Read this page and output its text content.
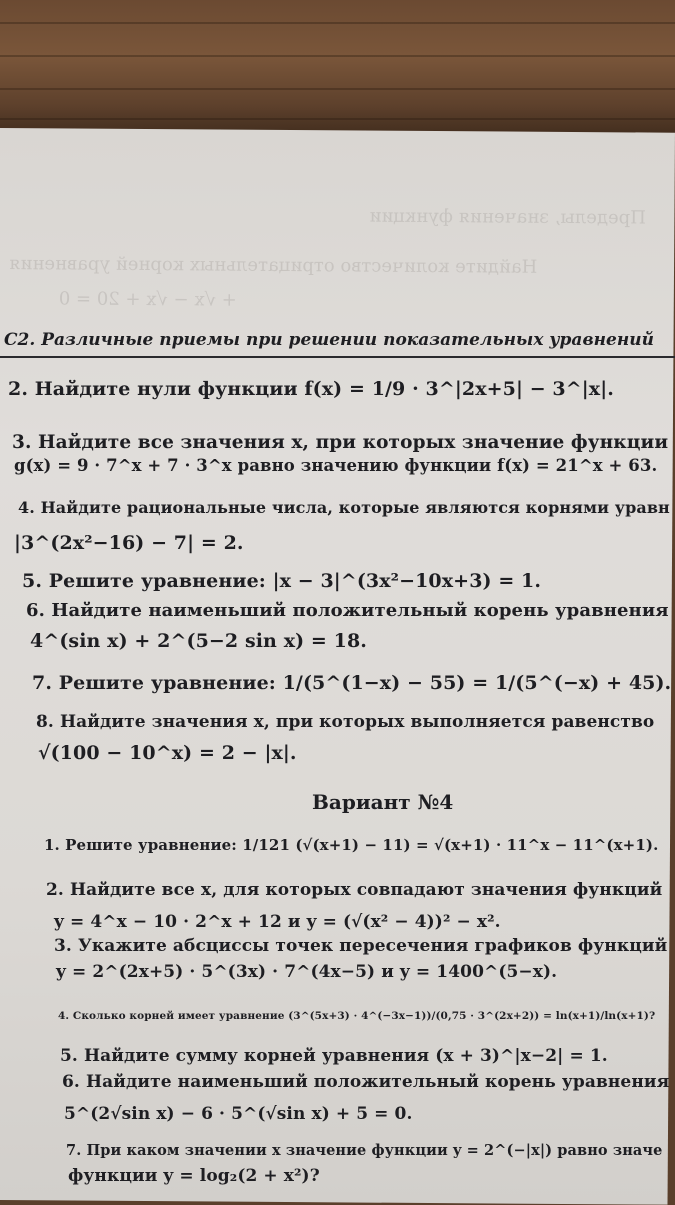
Пределы, значения функции
Найдите количество отрицательных корней уравнения
+ √x − √x + 20 = 0
С2. Различные приемы при решении показательных уравнений
2. Найдите нули функции f(x) = 1/9 · 3^|2x+5| − 3^|x|.
3. Найдите все значения x, при которых значение функции
g(x) = 9 · 7^x + 7 · 3^x равно значению функции f(x) = 21^x + 63.
4. Найдите рациональные числа, которые являются корнями уравн
|3^(2x²−16) − 7| = 2.
5. Решите уравнение: |x − 3|^(3x²−10x+3) = 1.
6. Найдите наименьший положительный корень уравнения
4^(sin x) + 2^(5−2 sin x) = 18.
7. Решите уравнение: 1/(5^(1−x) − 55) = 1/(5^(−x) + 45).
8. Найдите значения x, при которых выполняется равенство
√(100 − 10^x) = 2 − |x|.
Вариант №4
1. Решите уравнение: 1/121 (√(x+1) − 11) = √(x+1) · 11^x − 11^(x+1).
2. Найдите все x, для которых совпадают значения функций
y = 4^x − 10 · 2^x + 12 и y = (√(x² − 4))² − x².
3. Укажите абсциссы точек пересечения графиков функций
y = 2^(2x+5) · 5^(3x) · 7^(4x−5) и y = 1400^(5−x).
4. Сколько корней имеет уравнение (3^(5x+3) · 4^(−3x−1))/(0,75 · 3^(2x+2)) = ln(x+1)/ln(x+1)?
5. Найдите сумму корней уравнения (x + 3)^|x−2| = 1.
6. Найдите наименьший положительный корень уравнения
5^(2√sin x) − 6 · 5^(√sin x) + 5 = 0.
7. При каком значении x значение функции y = 2^(−|x|) равно значе
функции y = log₂(2 + x²)?
